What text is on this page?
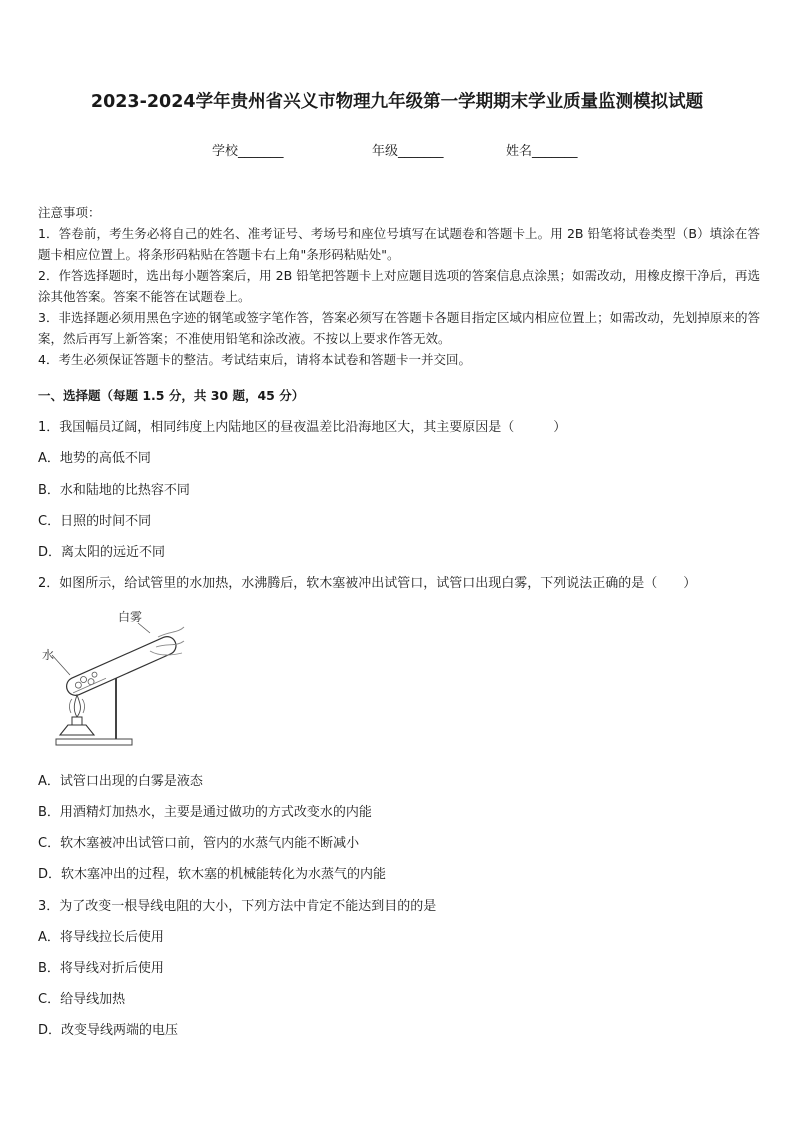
2023-2024学年贵州省兴义市物理九年级第一学期期末学业质量监测模拟试题
学校_______	年级_______	姓名_______

注意事项：

1．答卷前，考生务必将自己的姓名、准考证号、考场号和座位号填写在试题卷和答题卡上。用 2B 铅笔将试卷类型（B）填涂在答题卡相应位置上。将条形码粘贴在答题卡右上角"条形码粘贴处"。

2．作答选择题时，选出每小题答案后，用 2B 铅笔把答题卡上对应题目选项的答案信息点涂黑；如需改动，用橡皮擦干净后，再选涂其他答案。答案不能答在试题卷上。

3．非选择题必须用黑色字迹的钢笔或签字笔作答，答案必须写在答题卡各题目指定区域内相应位置上；如需改动，先划掉原来的答案，然后再写上新答案；不准使用铅笔和涂改液。不按以上要求作答无效。

4．考生必须保证答题卡的整洁。考试结束后，请将本试卷和答题卡一并交回。

一、选择题（每题 1.5 分，共 30 题，45 分）
1．我国幅员辽阔，相同纬度上内陆地区的昼夜温差比沿海地区大，其主要原因是（　　　）
A．地势的高低不同
B．水和陆地的比热容不同
C．日照的时间不同
D．离太阳的远近不同
2．如图所示，给试管里的水加热，水沸腾后，软木塞被冲出试管口，试管口出现白雾，下列说法正确的是（　　）
白雾
水
A．试管口出现的白雾是液态
B．用酒精灯加热水，主要是通过做功的方式改变水的内能
C．软木塞被冲出试管口前，管内的水蒸气内能不断减小
D．软木塞冲出的过程，软木塞的机械能转化为水蒸气的内能
3．为了改变一根导线电阻的大小，下列方法中肯定不能达到目的的是
A．将导线拉长后使用
B．将导线对折后使用
C．给导线加热
D．改变导线两端的电压
